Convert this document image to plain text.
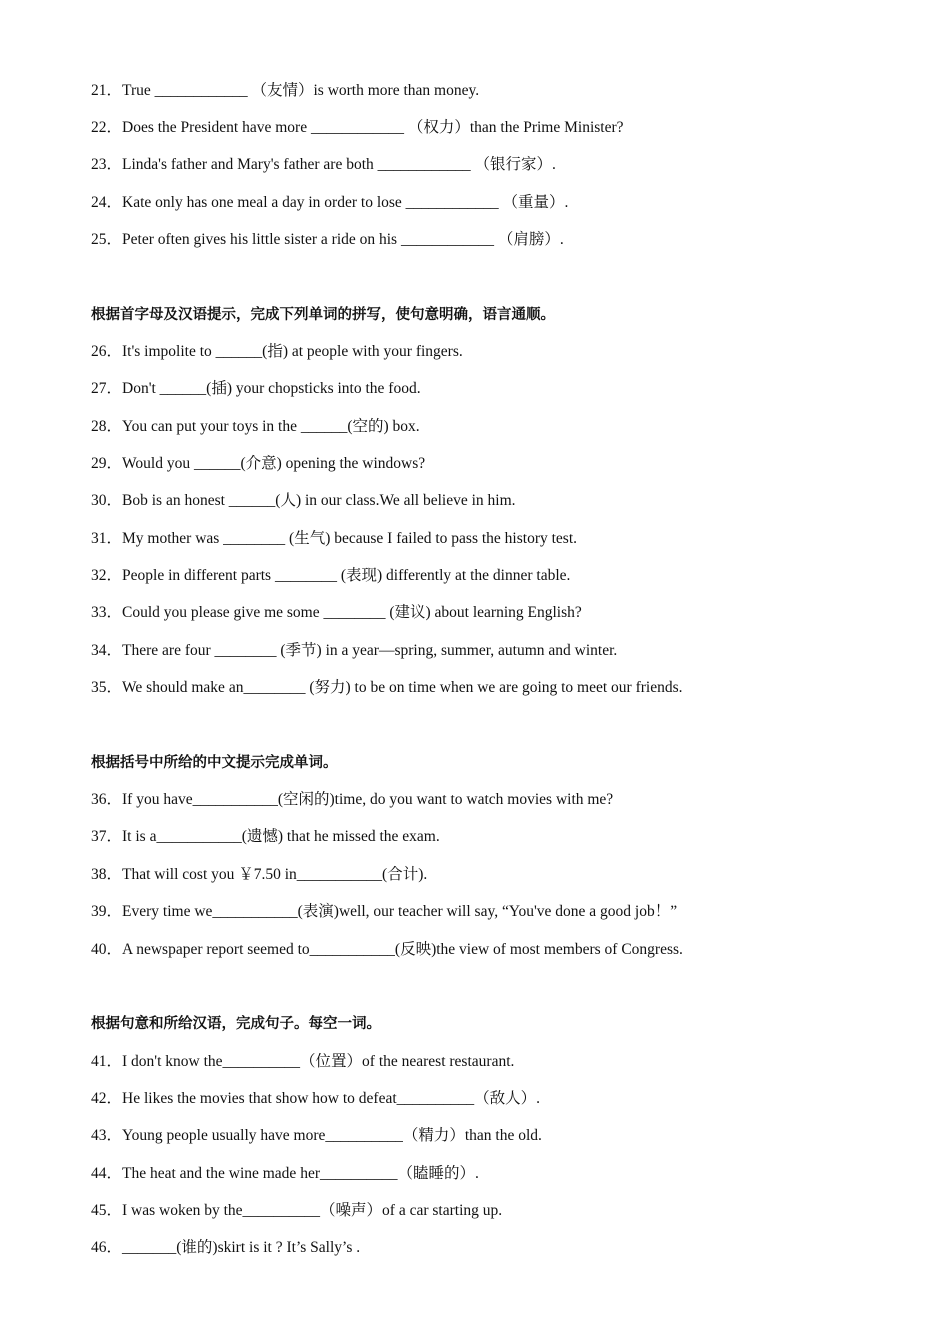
21．True ____________ （友情）is worth more than money.
22．Does the President have more ____________ （权力）than the Prime Minister?
23．Linda's father and Mary's father are both ____________ （银行家）.
24．Kate only has one meal a day in order to lose ____________ （重量）.
25．Peter often gives his little sister a ride on his ____________ （肩膀）.
根据首字母及汉语提示，完成下列单词的拼写，使句意明确，语言通顺。
26．It's impolite to ______(指) at people with your fingers.
27．Don't ______(插) your chopsticks into the food.
28．You can put your toys in the ______(空的) box.
29．Would you ______(介意) opening the windows?
30．Bob is an honest ______(人) in our class.We all believe in him.
31．My mother was ________ (生气) because I failed to pass the history test.
32．People in different parts ________ (表现) differently at the dinner table.
33．Could you please give me some ________ (建议) about learning English?
34．There are four ________ (季节) in a year—spring, summer, autumn and winter.
35．We should make an________ (努力) to be on time when we are going to meet our friends.
根据括号中所给的中文提示完成单词。
36．If you have___________(空闲的)time, do you want to watch movies with me?
37．It is a___________(遗憾) that he missed the exam.
38．That will cost you ￥7.50 in___________(合计).
39．Every time we___________(表演)well, our teacher will say, “You've done a good job！”
40．A newspaper report seemed to___________(反映)the view of most members of Congress.
根据句意和所给汉语，完成句子。每空一词。
41．I don't know the__________（位置）of the nearest restaurant.
42．He likes the movies that show how to defeat__________（敌人）.
43．Young people usually have more__________（精力）than the old.
44．The heat and the wine made her__________（瞌睡的）.
45．I was woken by the__________（噪声）of a car starting up.
46．_______(谁的)skirt is it ? It’s Sally’s .
